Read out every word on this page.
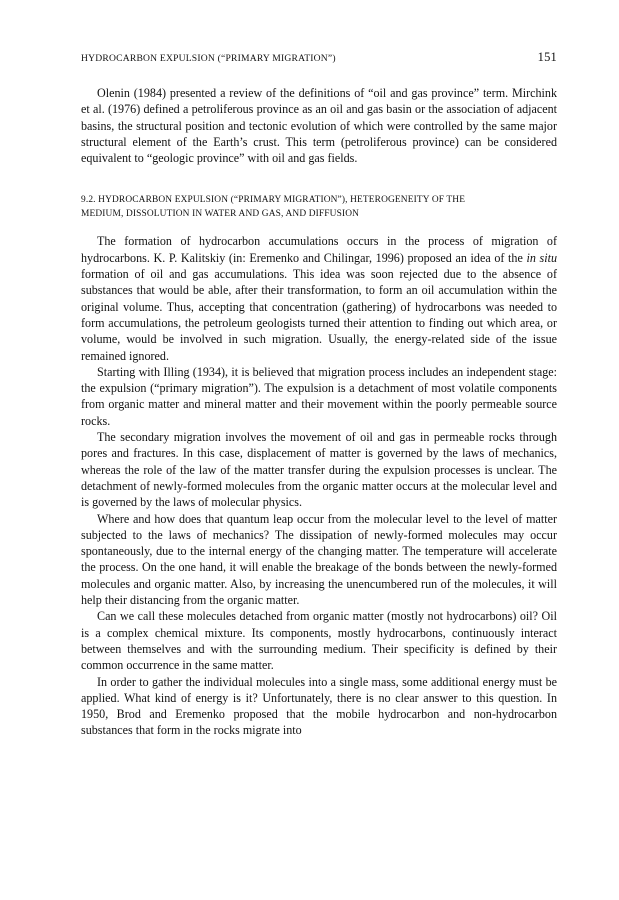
HYDROCARBON EXPULSION (“PRIMARY MIGRATION”)	151

Olenin (1984) presented a review of the definitions of “oil and gas province” term. Mirchink et al. (1976) defined a petroliferous province as an oil and gas basin or the association of adjacent basins, the structural position and tectonic evolution of which were controlled by the same major structural element of the Earth’s crust. This term (petroliferous province) can be considered equivalent to “geologic province” with oil and gas fields.

9.2. HYDROCARBON EXPULSION (“PRIMARY MIGRATION”), HETEROGENEITY OF THE
MEDIUM, DISSOLUTION IN WATER AND GAS, AND DIFFUSION

The formation of hydrocarbon accumulations occurs in the process of migration of hydrocarbons. K. P. Kalitskiy (in: Eremenko and Chilingar, 1996) proposed an idea of the in situ formation of oil and gas accumulations. This idea was soon rejected due to the absence of substances that would be able, after their transformation, to form an oil accumulation within the original volume. Thus, accepting that concentration (gathering) of hydrocarbons was needed to form accumulations, the petroleum geologists turned their attention to finding out which area, or volume, would be involved in such migration. Usually, the energy-related side of the issue remained ignored.

Starting with Illing (1934), it is believed that migration process includes an independent stage: the expulsion (“primary migration”). The expulsion is a detachment of most volatile components from organic matter and mineral matter and their movement within the poorly permeable source rocks.

The secondary migration involves the movement of oil and gas in permeable rocks through pores and fractures. In this case, displacement of matter is governed by the laws of mechanics, whereas the role of the law of the matter transfer during the expulsion processes is unclear. The detachment of newly-formed molecules from the organic matter occurs at the molecular level and is governed by the laws of molecular physics.

Where and how does that quantum leap occur from the molecular level to the level of matter subjected to the laws of mechanics? The dissipation of newly-formed molecules may occur spontaneously, due to the internal energy of the changing matter. The temperature will accelerate the process. On the one hand, it will enable the breakage of the bonds between the newly-formed molecules and organic matter. Also, by increasing the unencumbered run of the molecules, it will help their distancing from the organic matter.

Can we call these molecules detached from organic matter (mostly not hydrocarbons) oil? Oil is a complex chemical mixture. Its components, mostly hydrocarbons, continuously interact between themselves and with the surrounding medium. Their specificity is defined by their common occurrence in the same matter.

In order to gather the individual molecules into a single mass, some additional energy must be applied. What kind of energy is it? Unfortunately, there is no clear answer to this question. In 1950, Brod and Eremenko proposed that the mobile hydrocarbon and non-hydrocarbon substances that form in the rocks migrate into
